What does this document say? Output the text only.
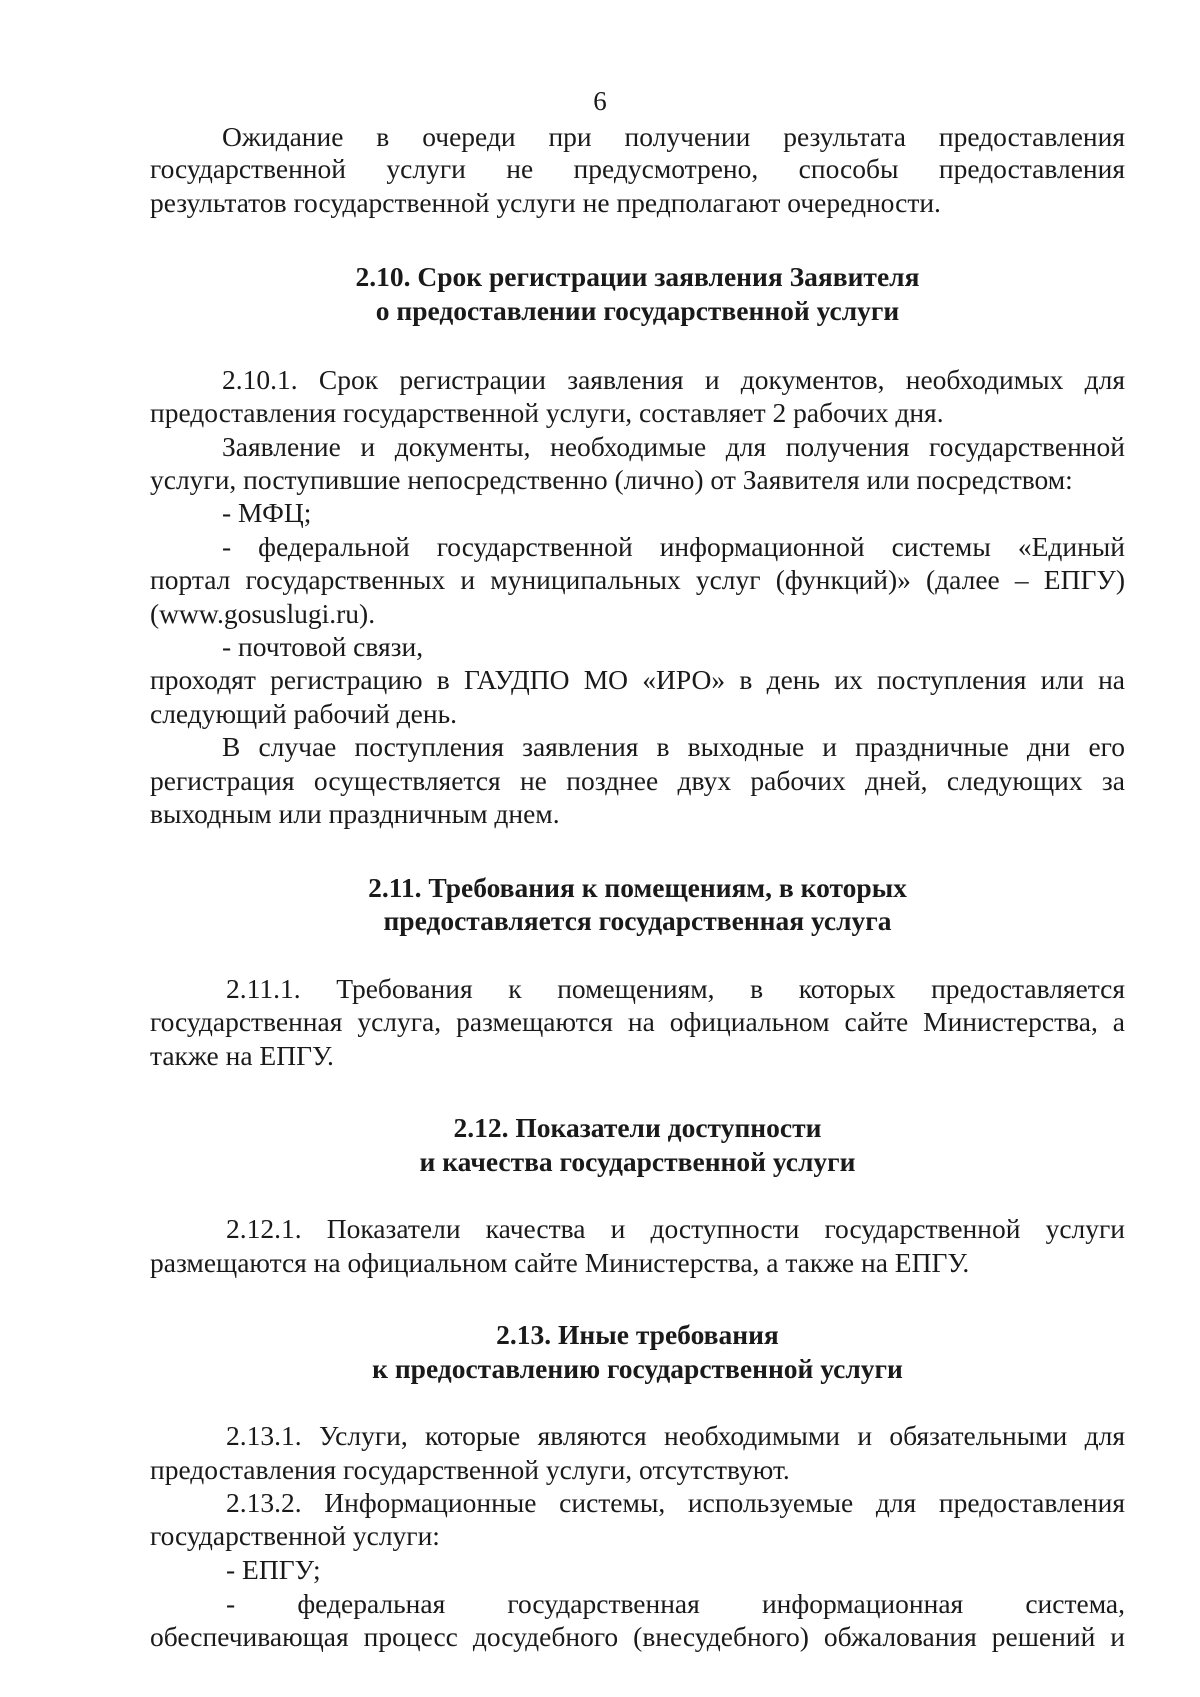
6
Ожидание в очереди при получении результата предоставления
государственной услуги не предусмотрено, способы предоставления
результатов государственной услуги не предполагают очередности.
2.10. Срок регистрации заявления Заявителя
о предоставлении государственной услуги
2.10.1. Срок регистрации заявления и документов, необходимых для
предоставления государственной услуги, составляет 2 рабочих дня.
Заявление и документы, необходимые для получения государственной
услуги, поступившие непосредственно (лично) от Заявителя или посредством:
- МФЦ;
- федеральной государственной информационной системы «Единый
портал государственных и муниципальных услуг (функций)» (далее – ЕПГУ)
(www.gosuslugi.ru).
- почтовой связи,
проходят регистрацию в ГАУДПО МО «ИРО» в день их поступления или на
следующий рабочий день.
В случае поступления заявления в выходные и праздничные дни его
регистрация осуществляется не позднее двух рабочих дней, следующих за
выходным или праздничным днем.
2.11. Требования к помещениям, в которых
предоставляется государственная услуга
2.11.1. Требования к помещениям, в которых предоставляется
государственная услуга, размещаются на официальном сайте Министерства, а
также на ЕПГУ.
2.12. Показатели доступности
и качества государственной услуги
2.12.1. Показатели качества и доступности государственной услуги
размещаются на официальном сайте Министерства, а также на ЕПГУ.
2.13. Иные требования
к предоставлению государственной услуги
2.13.1. Услуги, которые являются необходимыми и обязательными для
предоставления государственной услуги, отсутствуют.
2.13.2. Информационные системы, используемые для предоставления
государственной услуги:
- ЕПГУ;
- федеральная государственная информационная система,
обеспечивающая процесс досудебного (внесудебного) обжалования решений и
